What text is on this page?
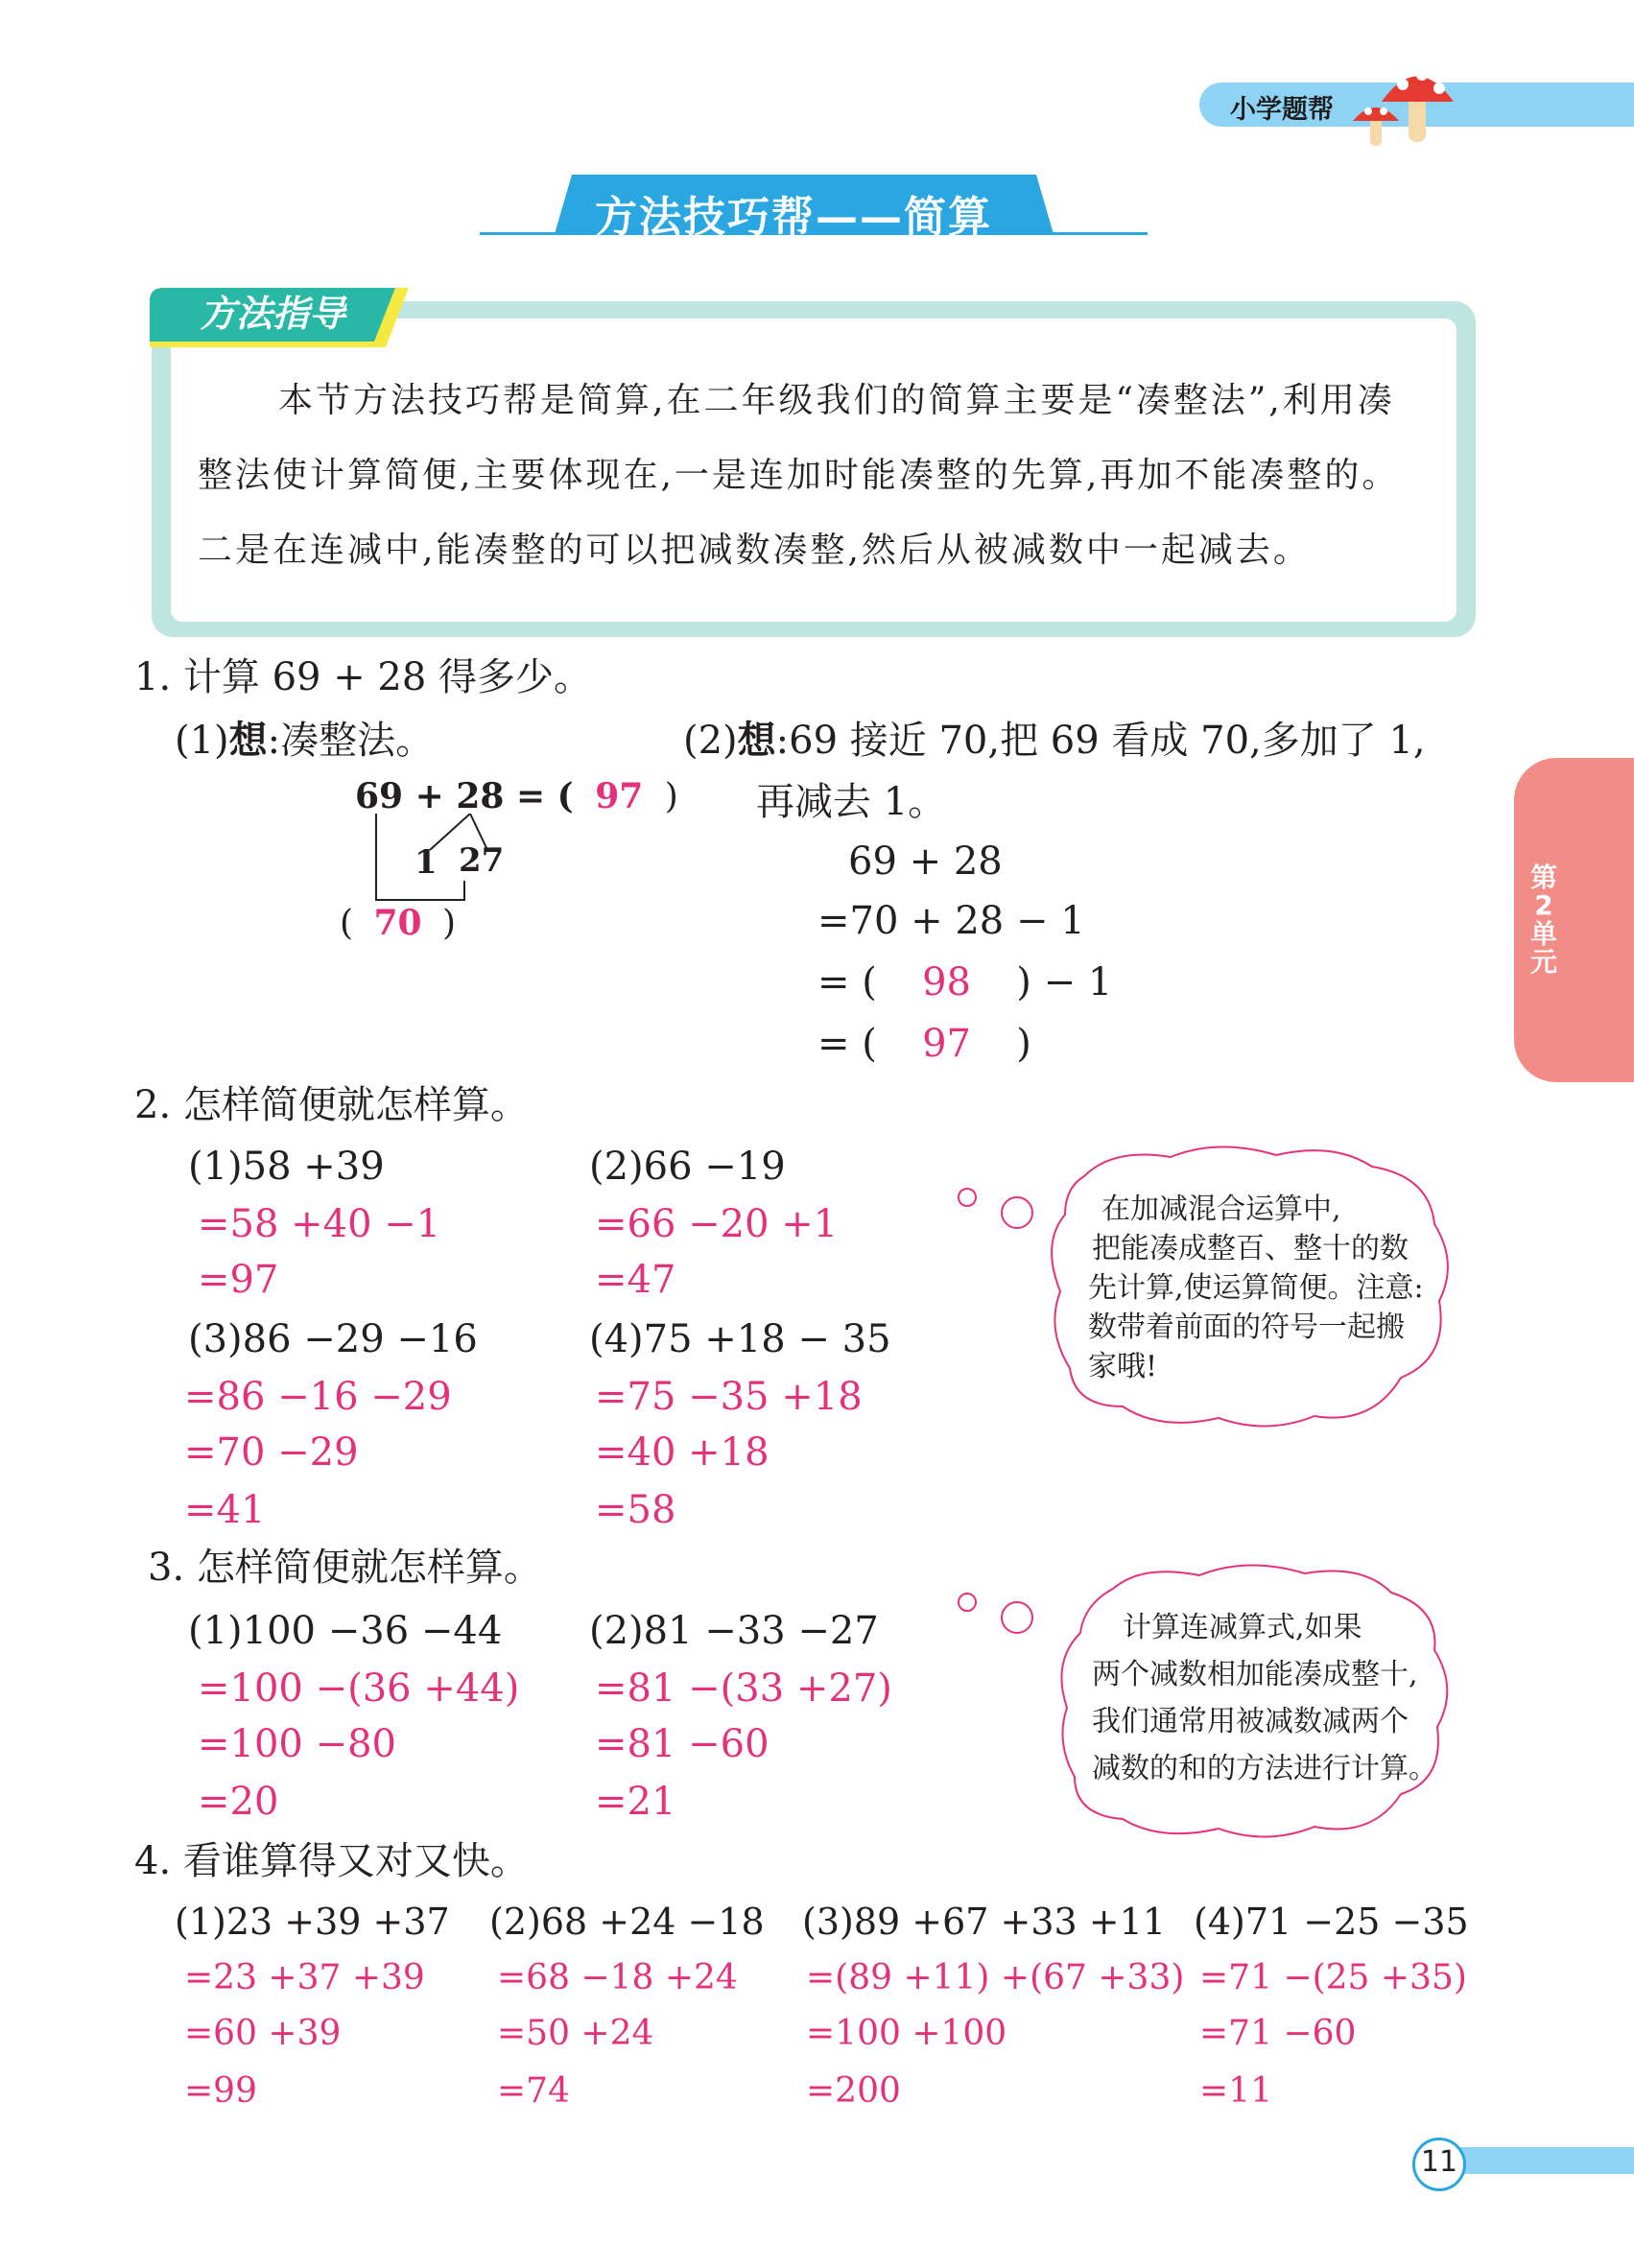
小学题帮
方法技巧帮——简算
方法指导
本节方法技巧帮是简算,在二年级我们的简算主要是“凑整法”,利用凑
整法使计算简便,主要体现在,一是连加时能凑整的先算,再加不能凑整的。
二是在连减中,能凑整的可以把减数凑整,然后从被减数中一起减去。
第2单元
1. 计算 69 + 28 得多少。
(1)想:凑整法。
69 + 28 = ( 97 )
1 27
( 70 )
(2)想:69 接近 70,把 69 看成 70,多加了 1,
再减去 1。
69 + 28
=70 + 28 − 1
= ( 98 ) − 1
= ( 97 )
2. 怎样简便就怎样算。
(1)58 +39
=58 +40 −1
=97
(2)66 −19
=66 −20 +1
=47
(3)86 −29 −16
=86 −16 −29
=70 −29
=41
(4)75 +18 − 35
=75 −35 +18
=40 +18
=58
在加减混合运算中,
把能凑成整百、整十的数
先计算,使运算简便。注意:
数带着前面的符号一起搬
家哦!
3. 怎样简便就怎样算。
(1)100 −36 −44
=100 −(36 +44)
=100 −80
=20
(2)81 −33 −27
=81 −(33 +27)
=81 −60
=21
计算连减算式,如果
两个减数相加能凑成整十,
我们通常用被减数减两个
减数的和的方法进行计算。
4. 看谁算得又对又快。
(1)23 +39 +37
=23 +37 +39
=60 +39
=99
(2)68 +24 −18
=68 −18 +24
=50 +24
=74
(3)89 +67 +33 +11
=(89 +11) +(67 +33)
=100 +100
=200
(4)71 −25 −35
=71 −(25 +35)
=71 −60
=11
11
